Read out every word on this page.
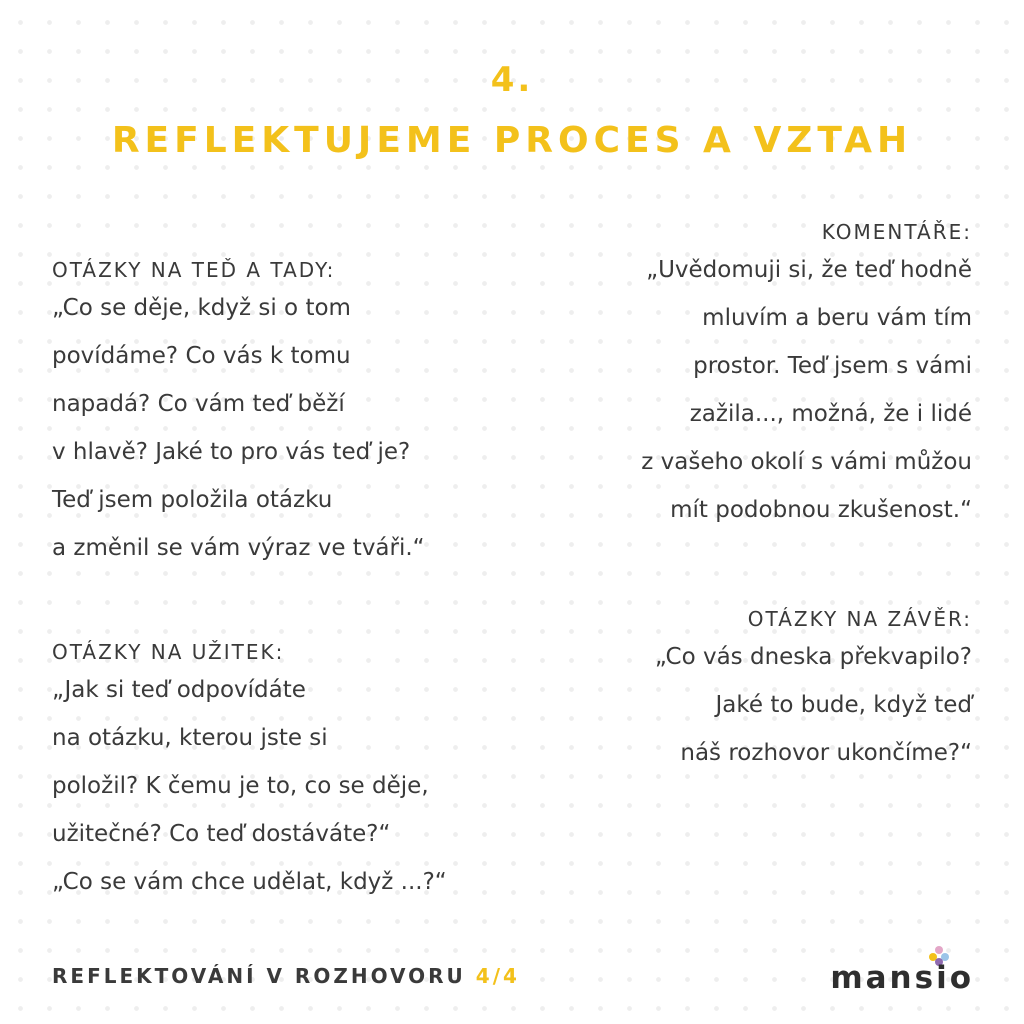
4.
REFLEKTUJEME PROCES A VZTAH
OTÁZKY NA TEĎ A TADY:
„Co se děje, když si o tom
povídáme? Co vás k tomu
napadá? Co vám teď běží
v hlavě? Jaké to pro vás teď je?
Teď jsem položila otázku
a změnil se vám výraz ve tváři.“
OTÁZKY NA UŽITEK:
„Jak si teď odpovídáte
na otázku, kterou jste si
položil? K čemu je to, co se děje,
užitečné? Co teď dostáváte?“
„Co se vám chce udělat, když ...?“
KOMENTÁŘE:
„Uvědomuji si, že teď hodně
mluvím a beru vám tím
prostor. Teď jsem s vámi
zažila..., možná, že i lidé
z vašeho okolí s vámi můžou
mít podobnou zkušenost.“
OTÁZKY NA ZÁVĚR:
„Co vás dneska překvapilo?
Jaké to bude, když teď
náš rozhovor ukončíme?“
REFLEKTOVÁNÍ V ROZHOVORU 4/4	mansio
